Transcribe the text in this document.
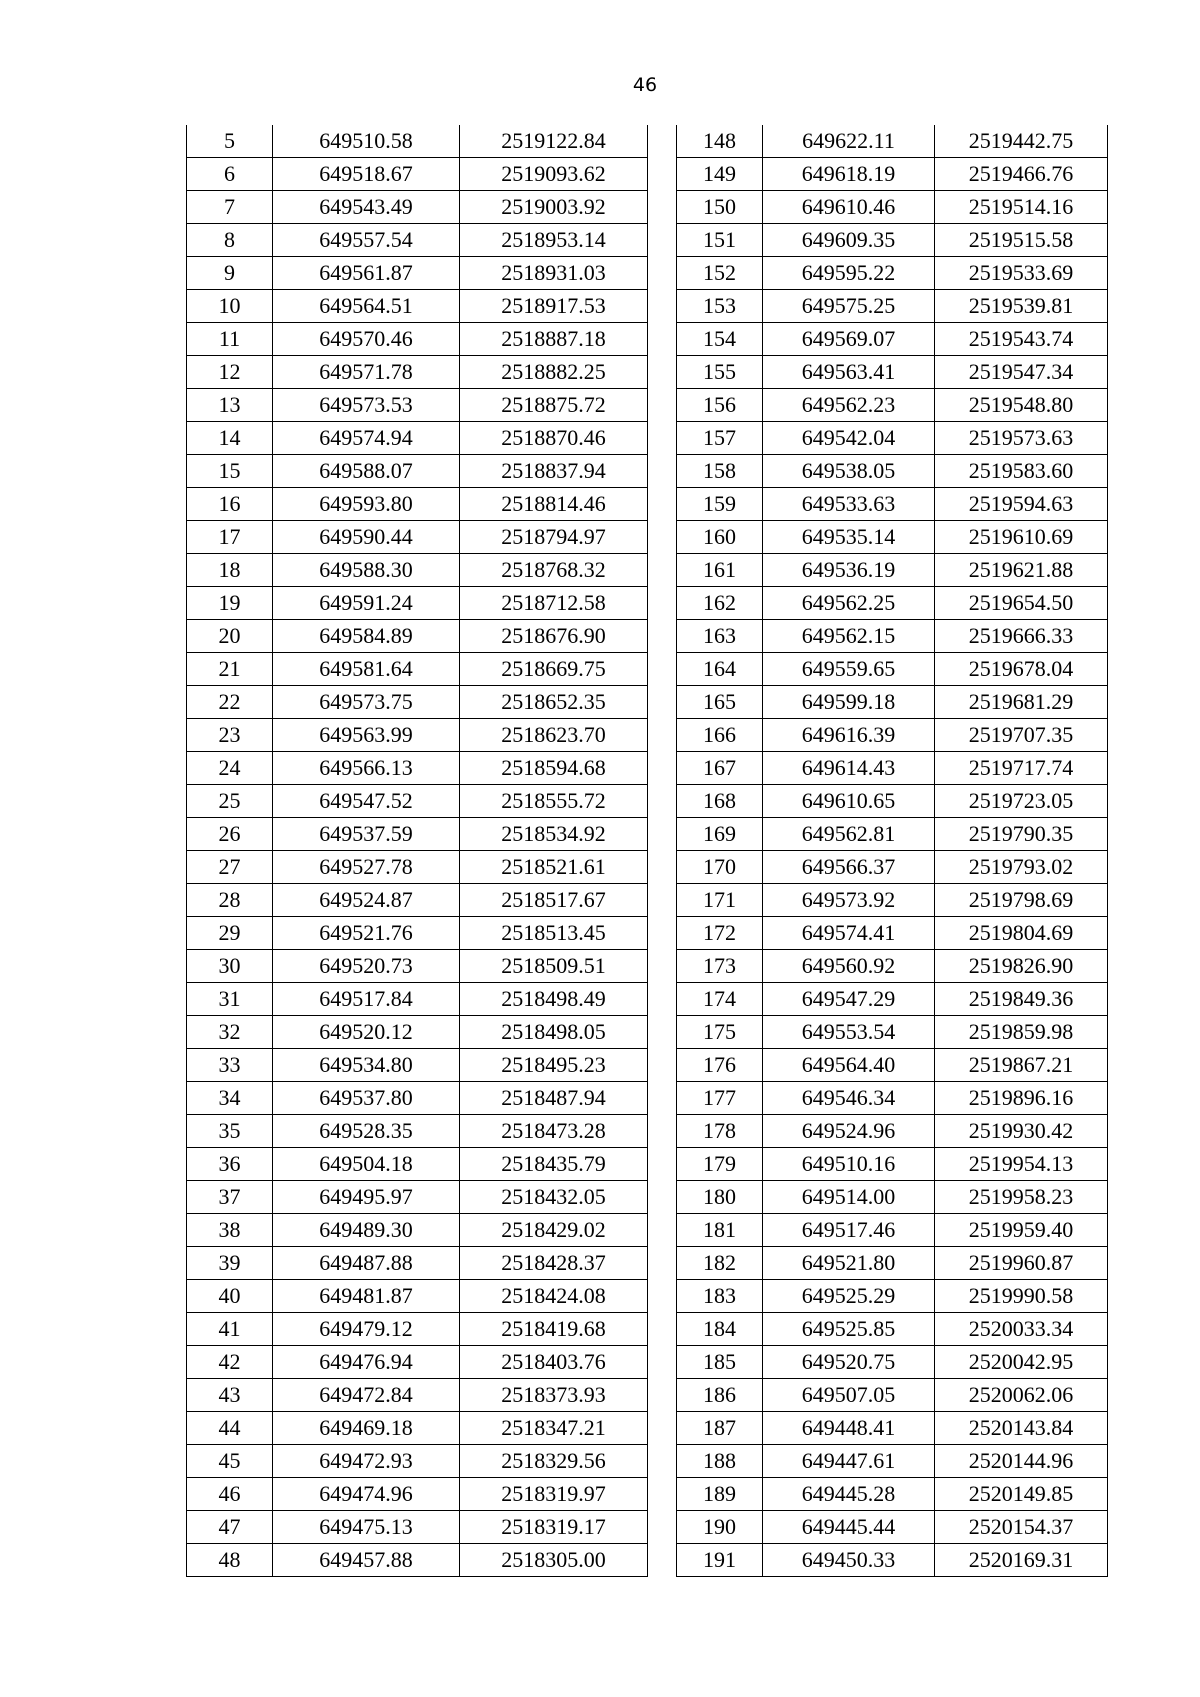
46
5	649510.58	2519122.84
6	649518.67	2519093.62
7	649543.49	2519003.92
8	649557.54	2518953.14
9	649561.87	2518931.03
10	649564.51	2518917.53
11	649570.46	2518887.18
12	649571.78	2518882.25
13	649573.53	2518875.72
14	649574.94	2518870.46
15	649588.07	2518837.94
16	649593.80	2518814.46
17	649590.44	2518794.97
18	649588.30	2518768.32
19	649591.24	2518712.58
20	649584.89	2518676.90
21	649581.64	2518669.75
22	649573.75	2518652.35
23	649563.99	2518623.70
24	649566.13	2518594.68
25	649547.52	2518555.72
26	649537.59	2518534.92
27	649527.78	2518521.61
28	649524.87	2518517.67
29	649521.76	2518513.45
30	649520.73	2518509.51
31	649517.84	2518498.49
32	649520.12	2518498.05
33	649534.80	2518495.23
34	649537.80	2518487.94
35	649528.35	2518473.28
36	649504.18	2518435.79
37	649495.97	2518432.05
38	649489.30	2518429.02
39	649487.88	2518428.37
40	649481.87	2518424.08
41	649479.12	2518419.68
42	649476.94	2518403.76
43	649472.84	2518373.93
44	649469.18	2518347.21
45	649472.93	2518329.56
46	649474.96	2518319.97
47	649475.13	2518319.17
48	649457.88	2518305.00
148	649622.11	2519442.75
149	649618.19	2519466.76
150	649610.46	2519514.16
151	649609.35	2519515.58
152	649595.22	2519533.69
153	649575.25	2519539.81
154	649569.07	2519543.74
155	649563.41	2519547.34
156	649562.23	2519548.80
157	649542.04	2519573.63
158	649538.05	2519583.60
159	649533.63	2519594.63
160	649535.14	2519610.69
161	649536.19	2519621.88
162	649562.25	2519654.50
163	649562.15	2519666.33
164	649559.65	2519678.04
165	649599.18	2519681.29
166	649616.39	2519707.35
167	649614.43	2519717.74
168	649610.65	2519723.05
169	649562.81	2519790.35
170	649566.37	2519793.02
171	649573.92	2519798.69
172	649574.41	2519804.69
173	649560.92	2519826.90
174	649547.29	2519849.36
175	649553.54	2519859.98
176	649564.40	2519867.21
177	649546.34	2519896.16
178	649524.96	2519930.42
179	649510.16	2519954.13
180	649514.00	2519958.23
181	649517.46	2519959.40
182	649521.80	2519960.87
183	649525.29	2519990.58
184	649525.85	2520033.34
185	649520.75	2520042.95
186	649507.05	2520062.06
187	649448.41	2520143.84
188	649447.61	2520144.96
189	649445.28	2520149.85
190	649445.44	2520154.37
191	649450.33	2520169.31
